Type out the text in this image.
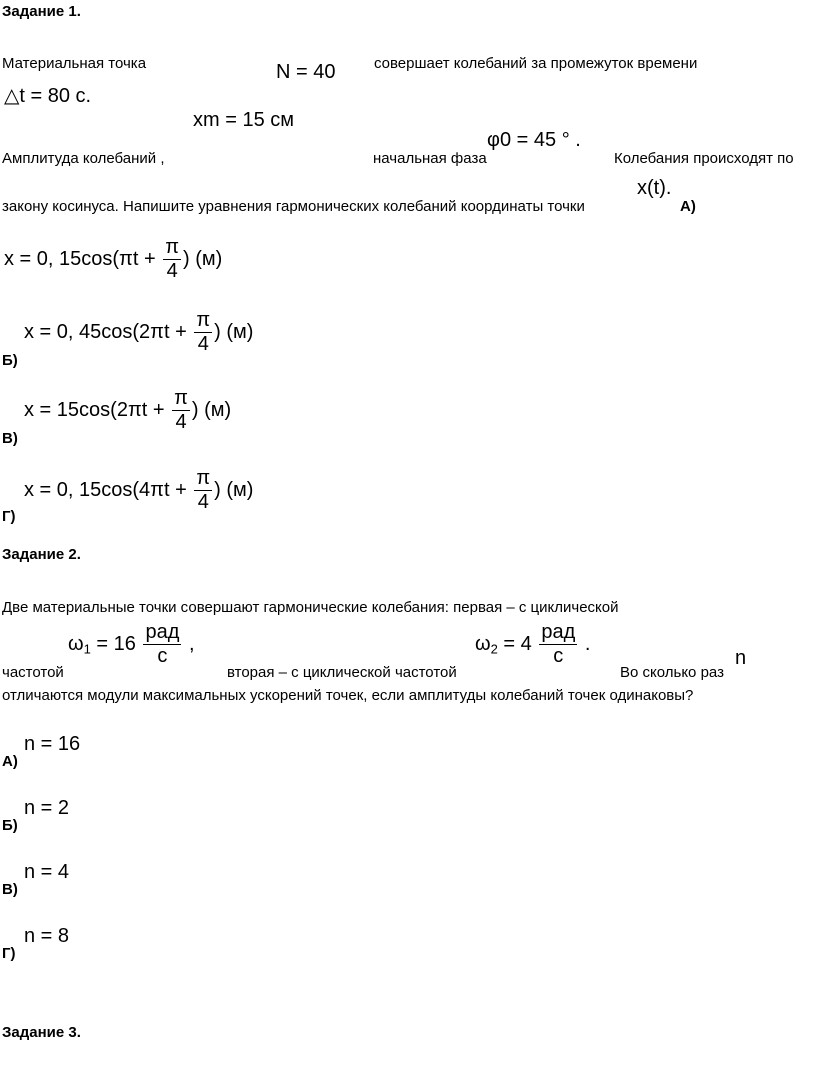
Задание 1.
Материальная точка	N = 40	совершает колебаний за промежуток времени
△t = 80 с.
xm = 15 см
Амплитуда колебаний ,	начальная фаза
φ0 = 45 ° .
Колебания происходят по
закону косинуса. Напишите уравнения гармонических колебаний координаты точки
x(t).
А)
x = 0, $15\cos(\pi t + \frac{\pi}{4}$ ) (м)
x = 0, $45\cos(2\pi t + \frac{\pi}{4}$ ) (м)
Б)
$x = 15\cos(2\pi t + \frac{\pi}{4}$ ) (м)
В)
x = 0, $15\cos(4\pi t + \frac{\pi}{4}$ ) (м)
Г)
Задание 2.
Две материальные точки совершают гармонические колебания: первая – с циклической
$\omega_1 = 16 \frac{\text{рад}}{с}$ ,	$\omega_2 = 4 \frac{\text{рад}}{с}$ .
n
частотой	вторая – с циклической частотой	Во сколько раз
отличаются модули максимальных ускорений точек, если амплитуды колебаний точек одинаковы?
n = 16
А)
n = 2
Б)
n = 4
В)
n = 8
Г)
Задание 3.
